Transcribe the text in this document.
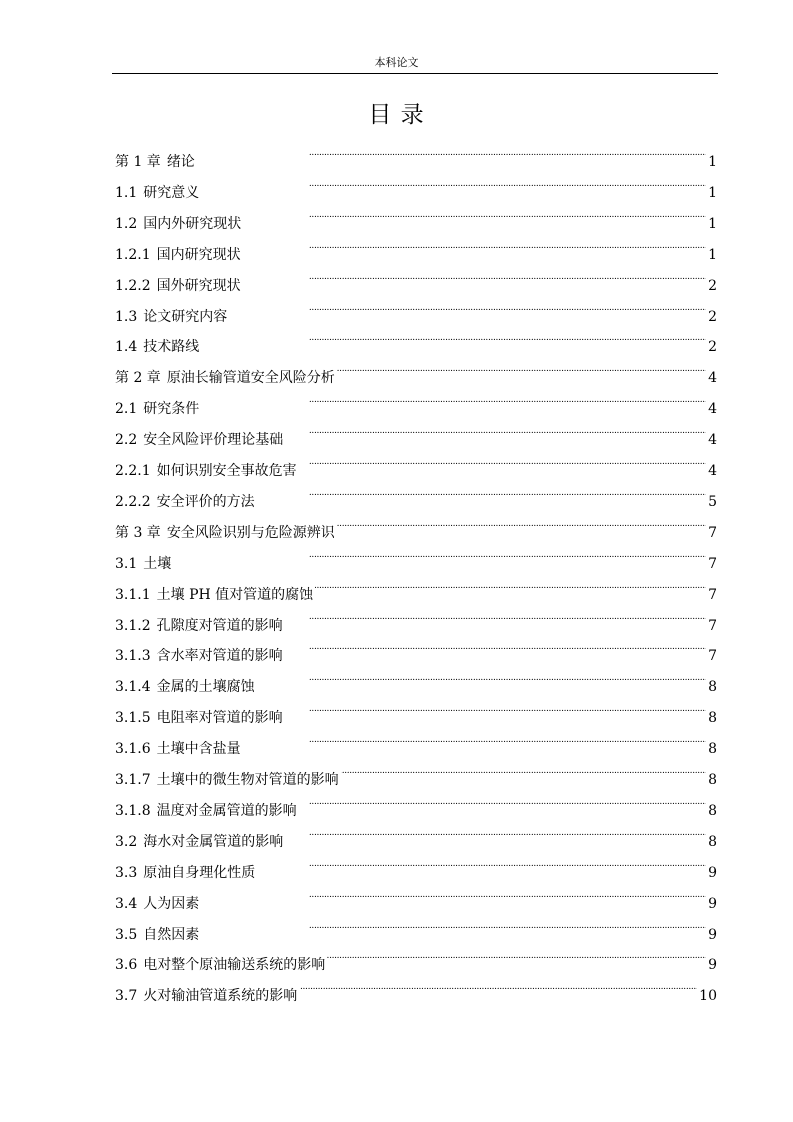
本科论文
目 录
第 1 章 绪论 . . .	1
1.1 研究意义 . . .	1
1.2 国内外研究现状 . . .	1
1.2.1 国内研究现状 . . .	1
1.2.2 国外研究现状 . . .	2
1.3 论文研究内容 . . .	2
1.4 技术路线 . . .	2
第 2 章 原油长输管道安全风险分析 . . .	4
2.1 研究条件 . . .	4
2.2 安全风险评价理论基础 . . .	4
2.2.1 如何识别安全事故危害 . . .	4
2.2.2 安全评价的方法 . . .	5
第 3 章 安全风险识别与危险源辨识 . . .	7
3.1 土壤 . . .	7
3.1.1 土壤 PH 值对管道的腐蚀 . . .	7
3.1.2 孔隙度对管道的影响 . . .	7
3.1.3 含水率对管道的影响 . . .	7
3.1.4 金属的土壤腐蚀 . . .	8
3.1.5 电阻率对管道的影响 . . .	8
3.1.6 土壤中含盐量 . . .	8
3.1.7 土壤中的微生物对管道的影响 . . .	8
3.1.8 温度对金属管道的影响 . . .	8
3.2 海水对金属管道的影响 . . .	8
3.3 原油自身理化性质 . . .	9
3.4 人为因素 . . .	9
3.5 自然因素 . . .	9
3.6 电对整个原油输送系统的影响 . . .	9
3.7 火对输油管道系统的影响 . . .	10
